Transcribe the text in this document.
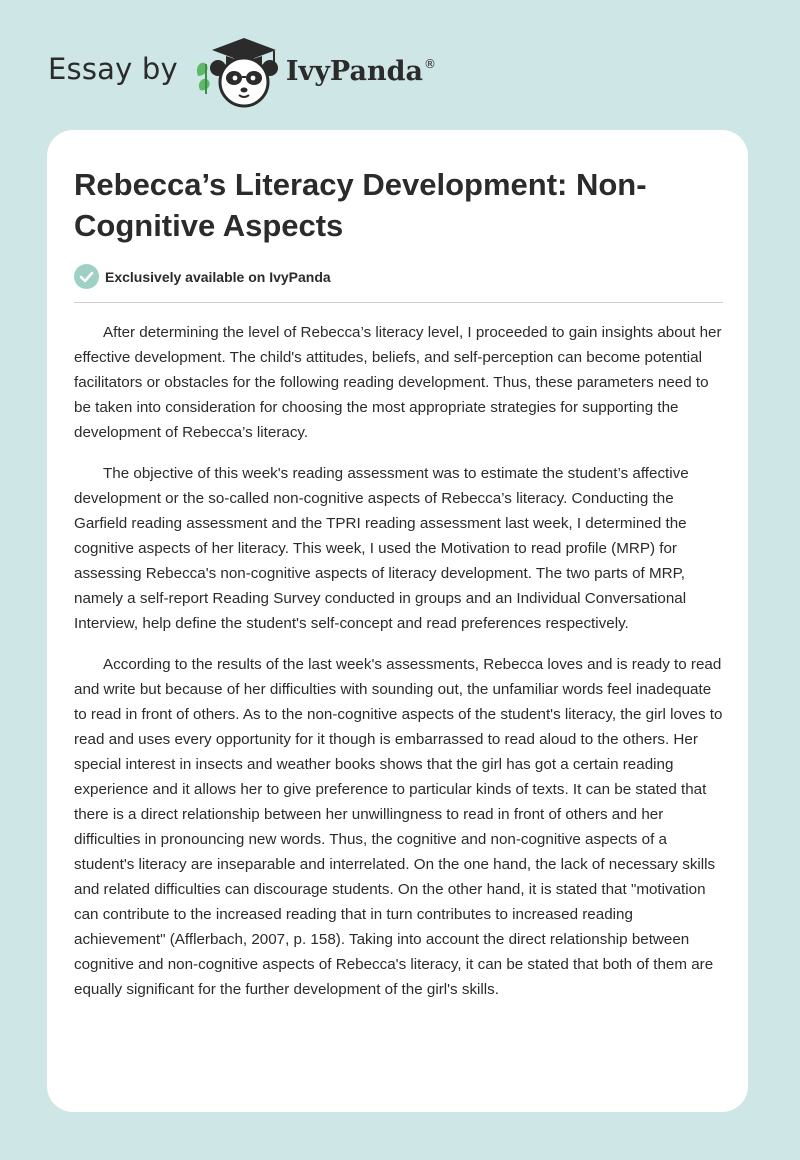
Essay by	IvyPanda ®
Rebecca’s Literacy Development: Non-Cognitive Aspects
Exclusively available on IvyPanda

After determining the level of Rebecca’s literacy level, I proceeded to gain insights about her effective development. The child's attitudes, beliefs, and self-perception can become potential facilitators or obstacles for the following reading development. Thus, these parameters need to be taken into consideration for choosing the most appropriate strategies for supporting the development of Rebecca’s literacy.

The objective of this week's reading assessment was to estimate the student’s affective development or the so-called non-cognitive aspects of Rebecca’s literacy. Conducting the Garfield reading assessment and the TPRI reading assessment last week, I determined the cognitive aspects of her literacy. This week, I used the Motivation to read profile (MRP) for assessing Rebecca's non-cognitive aspects of literacy development. The two parts of MRP, namely a self-report Reading Survey conducted in groups and an Individual Conversational Interview, help define the student's self-concept and read preferences respectively.

According to the results of the last week's assessments, Rebecca loves and is ready to read and write but because of her difficulties with sounding out, the unfamiliar words feel inadequate to read in front of others. As to the non-cognitive aspects of the student's literacy, the girl loves to read and uses every opportunity for it though is embarrassed to read aloud to the others. Her special interest in insects and weather books shows that the girl has got a certain reading experience and it allows her to give preference to particular kinds of texts. It can be stated that there is a direct relationship between her unwillingness to read in front of others and her difficulties in pronouncing new words. Thus, the cognitive and non-cognitive aspects of a student's literacy are inseparable and interrelated. On the one hand, the lack of necessary skills and related difficulties can discourage students. On the other hand, it is stated that "motivation can contribute to the increased reading that in turn contributes to increased reading achievement" (Afflerbach, 2007, p. 158). Taking into account the direct relationship between cognitive and non-cognitive aspects of Rebecca's literacy, it can be stated that both of them are equally significant for the further development of the girl's skills.
